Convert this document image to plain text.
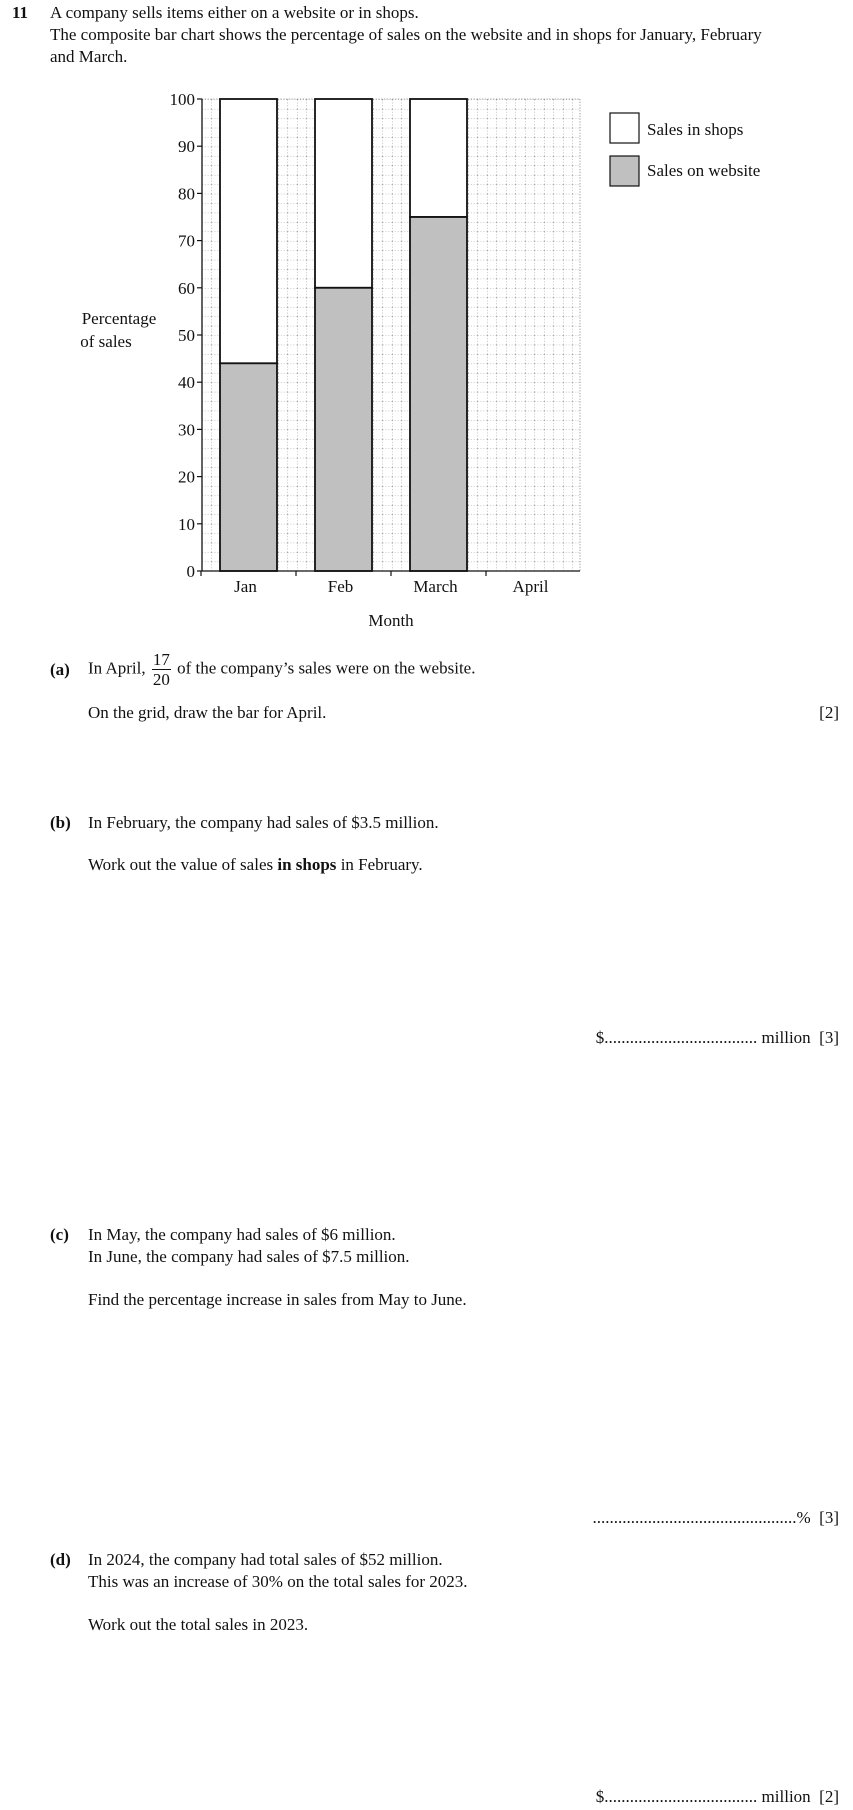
11 A company sells items either on a website or in shops.
The composite bar chart shows the percentage of sales on the website and in shops for January, February
and March.
Jan	Feb	March	April
0
10
20
30
40
50
60
70
80
90
100
Percentage
of sales
Month
Sales in shops
Sales on website
(a) In April, $\frac{17}{20}$ of the company’s sales were on the website.
On the grid, draw the bar for April.	[2]
(b) In February, the company had sales of $3.5 million.
Work out the value of sales in shops in February.
$.................................... million [3]
(c) In May, the company had sales of $6 million.
In June, the company had sales of $7.5 million.
Find the percentage increase in sales from May to June.
................................................% [3]
(d) In 2024, the company had total sales of $52 million.
This was an increase of 30% on the total sales for 2023.
Work out the total sales in 2023.
$.................................... million [2]
